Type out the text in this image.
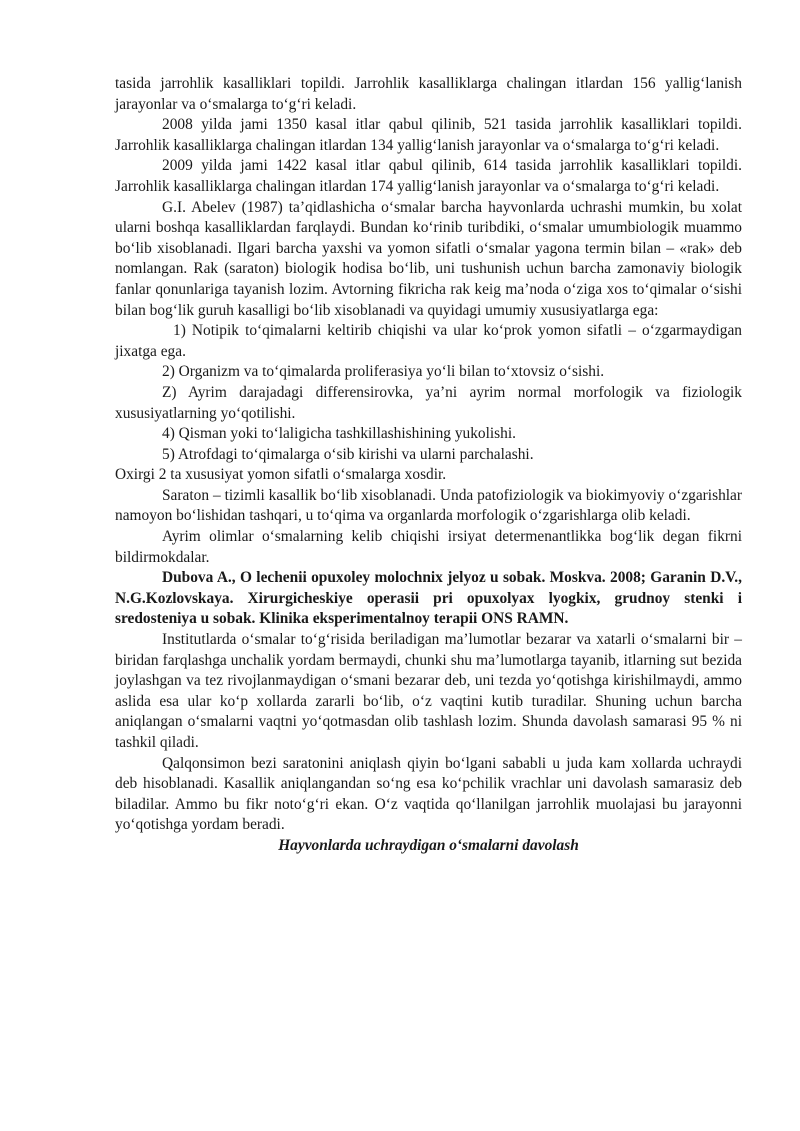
tasida jarrohlik kasalliklari topildi. Jarrohlik kasalliklarga chalingan itlardan 156 yallig‘lanish jarayonlar va o‘smalarga to‘g‘ri keladi.

2008 yilda jami 1350 kasal itlar qabul qilinib, 521 tasida jarrohlik kasalliklari topildi. Jarrohlik kasalliklarga chalingan itlardan 134 yallig‘lanish jarayonlar va o‘smalarga to‘g‘ri keladi.

2009 yilda jami 1422 kasal itlar qabul qilinib, 614 tasida jarrohlik kasalliklari topildi. Jarrohlik kasalliklarga chalingan itlardan 174 yallig‘lanish jarayonlar va o‘smalarga to‘g‘ri keladi.

G.I. Abelev (1987) ta’qidlashicha o‘smalar barcha hayvonlarda uchrashi mumkin, bu xolat ularni boshqa kasalliklardan farqlaydi. Bundan ko‘rinib turibdiki, o‘smalar umumbiologik muammo bo‘lib xisoblanadi. Ilgari barcha yaxshi va yomon sifatli o‘smalar yagona termin bilan – «rak» deb nomlangan. Rak (saraton) biologik hodisa bo‘lib, uni tushunish uchun barcha zamonaviy biologik fanlar qonunlariga tayanish lozim. Avtorning fikricha rak keig ma’noda o‘ziga xos to‘qimalar o‘sishi bilan bog‘lik guruh kasalligi bo‘lib xisoblanadi va quyidagi umumiy xususiyatlarga ega:

1) Notipik to‘qimalarni keltirib chiqishi va ular ko‘prok yomon sifatli – o‘zgarmaydigan jixatga ega.

2) Organizm va to‘qimalarda proliferasiya yo‘li bilan to‘xtovsiz o‘sishi.

Z) Ayrim darajadagi differensirovka, ya’ni ayrim normal morfologik va fiziologik xususiyatlarning yo‘qotilishi.

4) Qisman yoki to‘laligicha tashkillashishining yukolishi.

5) Atrofdagi to‘qimalarga o‘sib kirishi va ularni parchalashi.

Oxirgi 2 ta xususiyat yomon sifatli o‘smalarga xosdir.

Saraton – tizimli kasallik bo‘lib xisoblanadi. Unda patofiziologik va biokimyoviy o‘zgarishlar namoyon bo‘lishidan tashqari, u to‘qima va organlarda morfologik o‘zgarishlarga olib keladi.

Ayrim olimlar o‘smalarning kelib chiqishi irsiyat determenantlikka bog‘lik degan fikrni bildirmokdalar.

Dubova A., O lechenii opuxoley molochnix jelyoz u sobak. Moskva. 2008; Garanin D.V., N.G.Kozlovskaya. Xirurgicheskiye operasii pri opuxolyax lyogkix, grudnoy stenki i sredosteniya u sobak. Klinika eksperimentalnoy terapii ONS RAMN.

Institutlarda o‘smalar to‘g‘risida beriladigan ma’lumotlar bezarar va xatarli o‘smalarni bir – biridan farqlashga unchalik yordam bermaydi, chunki shu ma’lumotlarga tayanib, itlarning sut bezida joylashgan va tez rivojlanmaydigan o‘smani bezarar deb, uni tezda yo‘qotishga kirishilmaydi, ammo aslida esa ular ko‘p xollarda zararli bo‘lib, o‘z vaqtini kutib turadilar. Shuning uchun barcha aniqlangan o‘smalarni vaqtni yo‘qotmasdan olib tashlash lozim. Shunda davolash samarasi 95 % ni tashkil qiladi.

Qalqonsimon bezi saratonini aniqlash qiyin bo‘lgani sababli u juda kam xollarda uchraydi deb hisoblanadi. Kasallik aniqlangandan so‘ng esa ko‘pchilik vrachlar uni davolash samarasiz deb biladilar. Ammo bu fikr noto‘g‘ri ekan. O‘z vaqtida qo‘llanilgan jarrohlik muolajasi bu jarayonni yo‘qotishga yordam beradi.

Hayvonlarda uchraydigan o‘smalarni davolash
